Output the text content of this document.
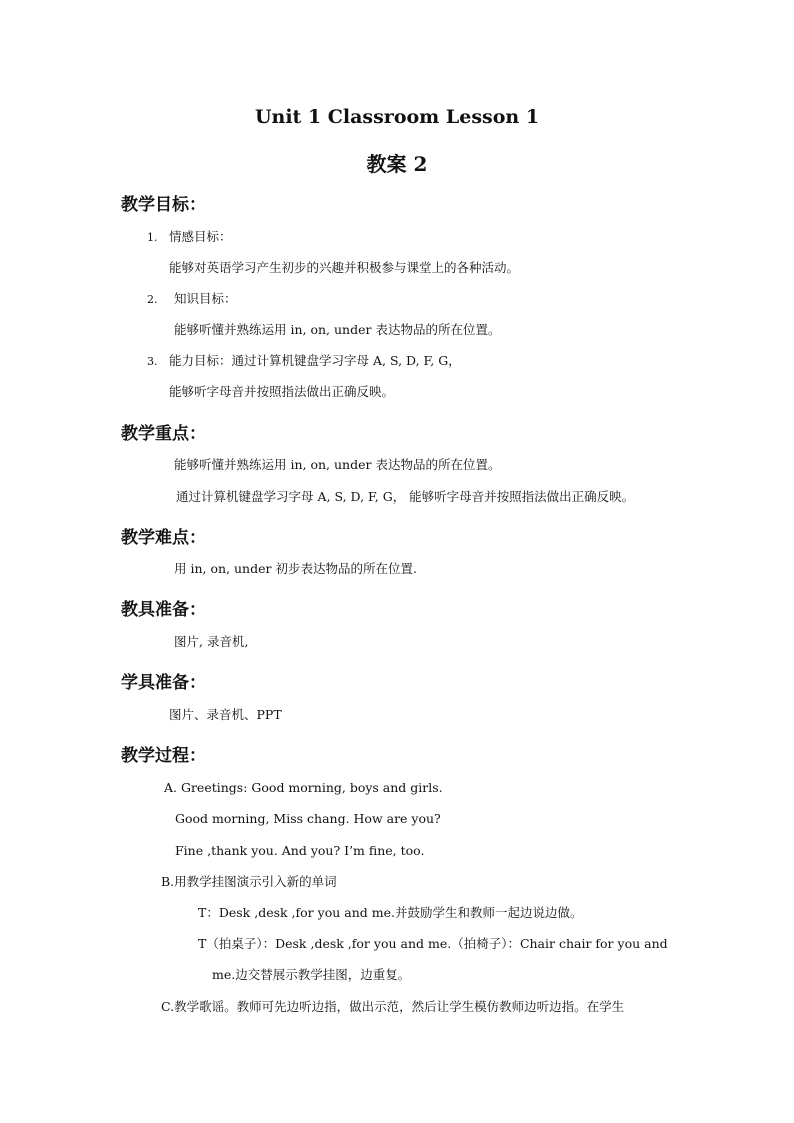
Unit 1 Classroom Lesson 1
教案 2
教学目标：
1. 情感目标：
能够对英语学习产生初步的兴趣并积极参与课堂上的各种活动。
2. 知识目标：
能够听懂并熟练运用 in, on, under 表达物品的所在位置。
3. 能力目标：通过计算机键盘学习字母 A, S, D, F, G，
能够听字母音并按照指法做出正确反映。
教学重点：
能够听懂并熟练运用 in, on, under 表达物品的所在位置。
通过计算机键盘学习字母 A, S, D, F, G， 能够听字母音并按照指法做出正确反映。
教学难点：
用 in, on, under 初步表达物品的所在位置.
教具准备：
图片, 录音机,
学具准备：
图片、录音机、PPT
教学过程：
A. Greetings: Good morning, boys and girls.
Good morning, Miss chang. How are you?
Fine ,thank you. And you? I’m fine, too.
B.用教学挂图演示引入新的单词
T：Desk ,desk ,for you and me.并鼓励学生和教师一起边说边做。
T（拍桌子）：Desk ,desk ,for you and me.（拍椅子）：Chair chair for you and
me.边交替展示教学挂图，边重复。
C.教学歌谣。教师可先边听边指，做出示范，然后让学生模仿教师边听边指。在学生
